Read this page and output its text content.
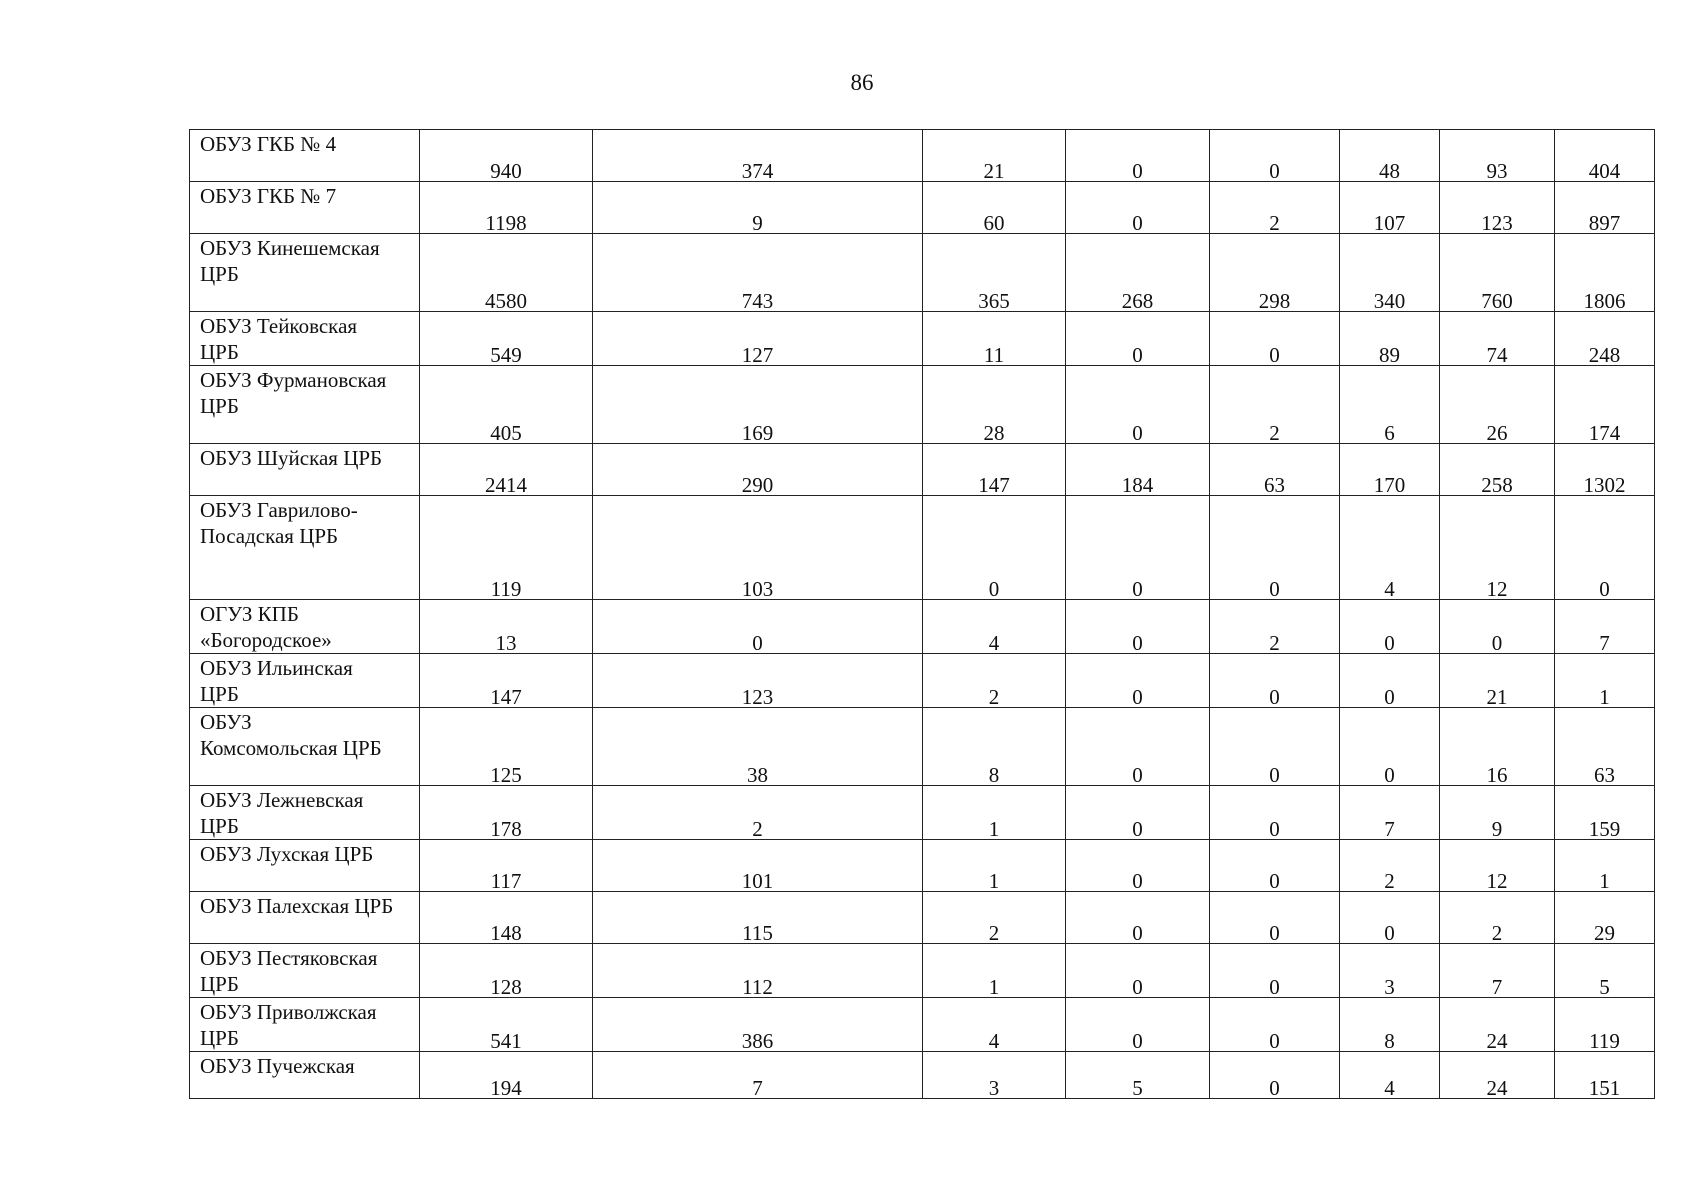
86
ОБУЗ ГКБ № 4	940	374	21	0	0	48	93	404

ОБУЗ ГКБ № 7	1198	9	60	0	2	107	123	897

ОБУЗ Кинешемская
ЦРБ	4580	743	365	268	298	340	760	1806

ОБУЗ Тейковская
ЦРБ	549	127	11	0	0	89	74	248

ОБУЗ Фурмановская
ЦРБ	405	169	28	0	2	6	26	174

ОБУЗ Шуйская ЦРБ	2414	290	147	184	63	170	258	1302

ОБУЗ Гаврилово-
Посадская ЦРБ	119	103	0	0	0	4	12	0

ОГУЗ КПБ
«Богородское»	13	0	4	0	2	0	0	7

ОБУЗ Ильинская
ЦРБ	147	123	2	0	0	0	21	1

ОБУЗ
Комсомольская ЦРБ	125	38	8	0	0	0	16	63

ОБУЗ Лежневская
ЦРБ	178	2	1	0	0	7	9	159

ОБУЗ Лухская ЦРБ	117	101	1	0	0	2	12	1

ОБУЗ Палехская ЦРБ	148	115	2	0	0	0	2	29

ОБУЗ Пестяковская
ЦРБ	128	112	1	0	0	3	7	5

ОБУЗ Приволжская
ЦРБ	541	386	4	0	0	8	24	119

ОБУЗ Пучежская	194	7	3	5	0	4	24	151
